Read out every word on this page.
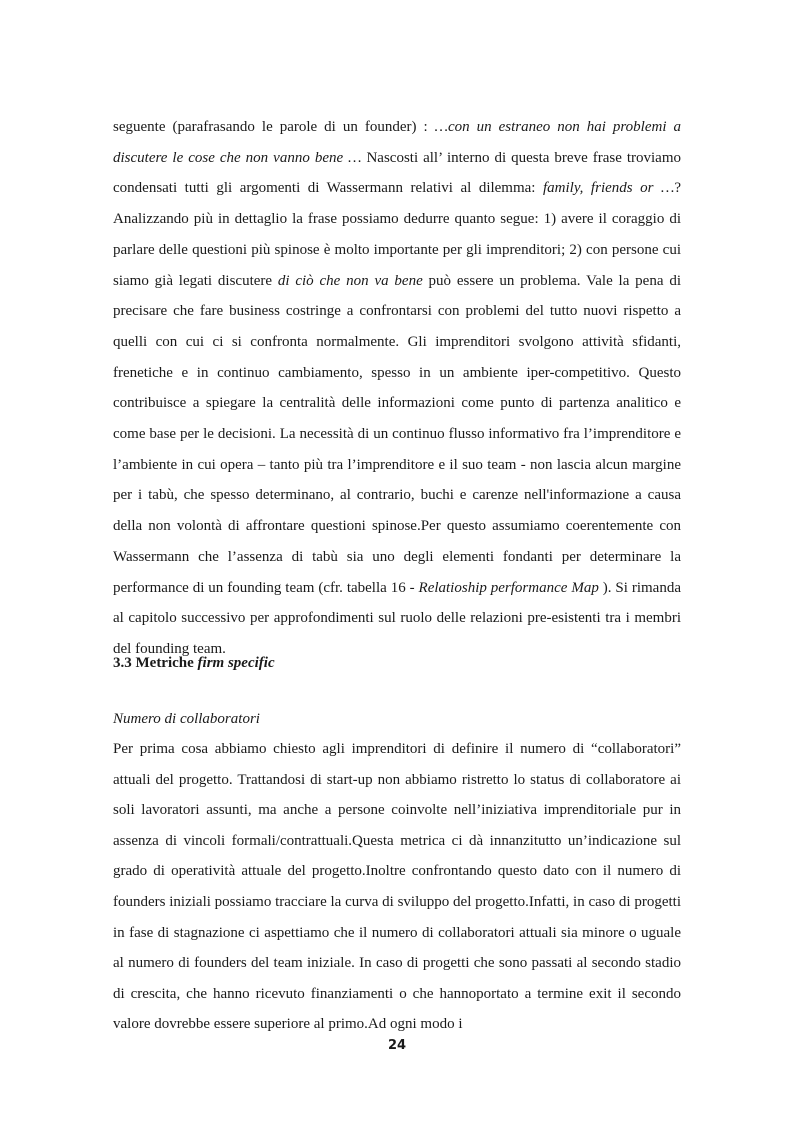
seguente (parafrasando le parole di un founder) : …con un estraneo non hai problemi a discutere le cose che non vanno bene … Nascosti all’ interno di questa breve frase troviamo condensati tutti gli argomenti di Wassermann relativi al dilemma: family, friends or …? Analizzando più in dettaglio la frase possiamo dedurre quanto segue: 1) avere il coraggio di parlare delle questioni più spinose è molto importante per gli imprenditori; 2) con persone cui siamo già legati discutere di ciò che non va bene può essere un problema. Vale la pena di precisare che fare business costringe a confrontarsi con problemi del tutto nuovi rispetto a quelli con cui ci si confronta normalmente. Gli imprenditori svolgono attività sfidanti, frenetiche e in continuo cambiamento, spesso in un ambiente iper-competitivo. Questo contribuisce a spiegare la centralità delle informazioni come punto di partenza analitico e come base per le decisioni. La necessità di un continuo flusso informativo fra l’imprenditore e l’ambiente in cui opera – tanto più tra l’imprenditore e il suo team - non lascia alcun margine per i tabù, che spesso determinano, al contrario, buchi e carenze nell'informazione a causa della non volontà di affrontare questioni spinose.Per questo assumiamo coerentemente con Wassermann che l’assenza di tabù sia uno degli elementi fondanti per determinare la performance di un founding team (cfr. tabella 16 - Relatioship performance Map ). Si rimanda al capitolo successivo per approfondimenti sul ruolo delle relazioni pre-esistenti tra i membri del founding team.

3.3 Metriche firm specific

Numero di collaboratori

Per prima cosa abbiamo chiesto agli imprenditori di definire il numero di “collaboratori” attuali del progetto. Trattandosi di start-up non abbiamo ristretto lo status di collaboratore ai soli lavoratori assunti, ma anche a persone coinvolte nell’iniziativa imprenditoriale pur in assenza di vincoli formali/contrattuali.Questa metrica ci dà innanzitutto un’indicazione sul grado di operatività attuale del progetto.Inoltre confrontando questo dato con il numero di founders iniziali possiamo tracciare la curva di sviluppo del progetto.Infatti, in caso di progetti in fase di stagnazione ci aspettiamo che il numero di collaboratori attuali sia minore o uguale al numero di founders del team iniziale. In caso di progetti che sono passati al secondo stadio di crescita, che hanno ricevuto finanziamenti o che hannoportato a termine exit il secondo valore dovrebbe essere superiore al primo.Ad ogni modo i

24
